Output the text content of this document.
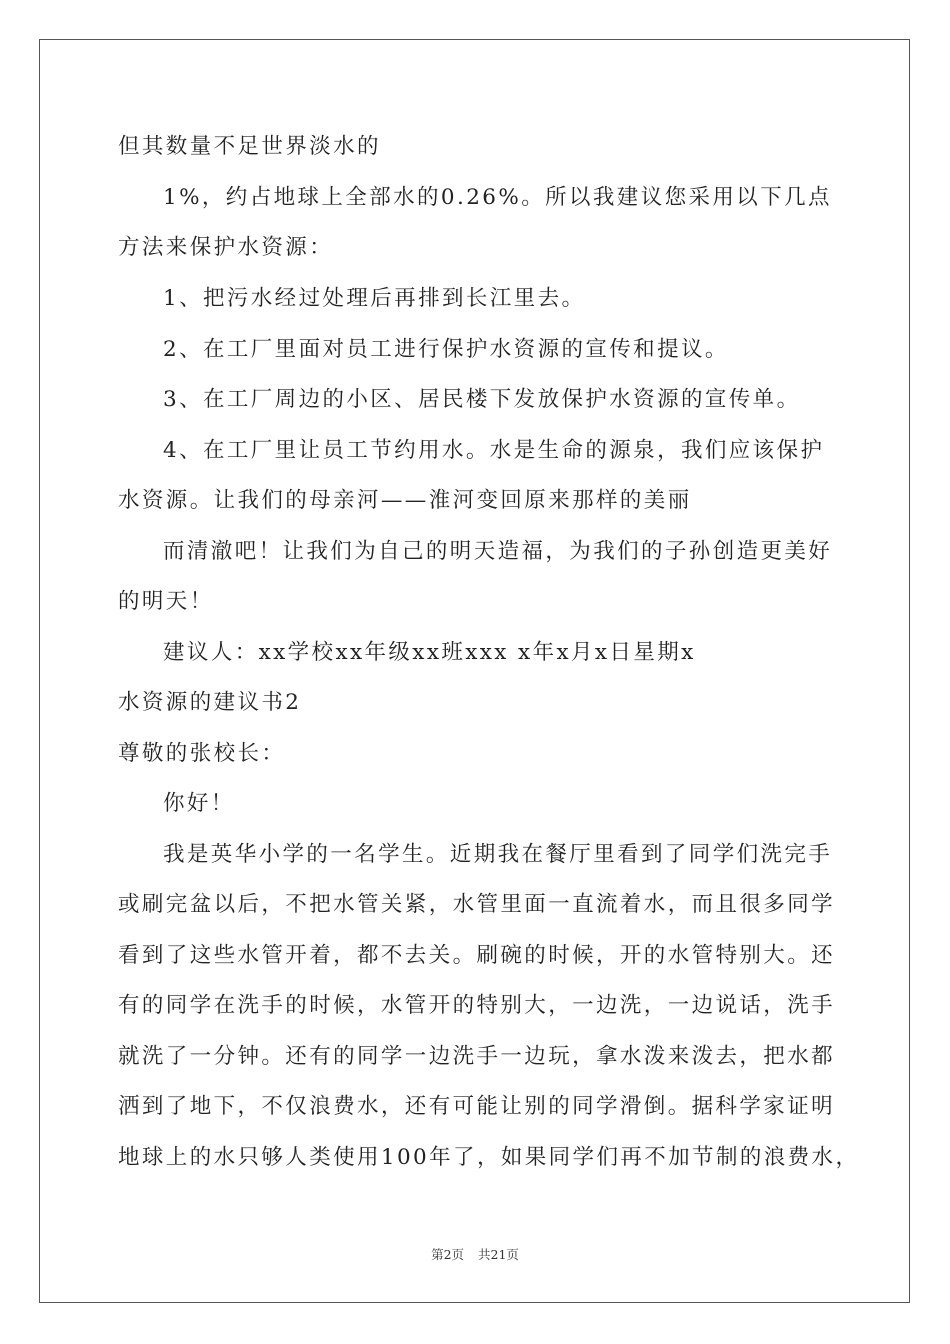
但其数量不足世界淡水的
1%，约占地球上全部水的0.26%。所以我建议您采用以下几点
方法来保护水资源：
1、把污水经过处理后再排到长江里去。
2、在工厂里面对员工进行保护水资源的宣传和提议。
3、在工厂周边的小区、居民楼下发放保护水资源的宣传单。
4、在工厂里让员工节约用水。水是生命的源泉，我们应该保护
水资源。让我们的母亲河——淮河变回原来那样的美丽
而清澈吧！让我们为自己的明天造福，为我们的子孙创造更美好
的明天！
建议人：xx学校xx年级xx班xxx x年x月x日星期x
水资源的建议书2
尊敬的张校长：
你好！
我是英华小学的一名学生。近期我在餐厅里看到了同学们洗完手
或刷完盆以后，不把水管关紧，水管里面一直流着水，而且很多同学
看到了这些水管开着，都不去关。刷碗的时候，开的水管特别大。还
有的同学在洗手的时候，水管开的特别大，一边洗，一边说话，洗手
就洗了一分钟。还有的同学一边洗手一边玩，拿水泼来泼去，把水都
洒到了地下，不仅浪费水，还有可能让别的同学滑倒。据科学家证明
地球上的水只够人类使用100年了，如果同学们再不加节制的浪费水，
第2页 共21页
